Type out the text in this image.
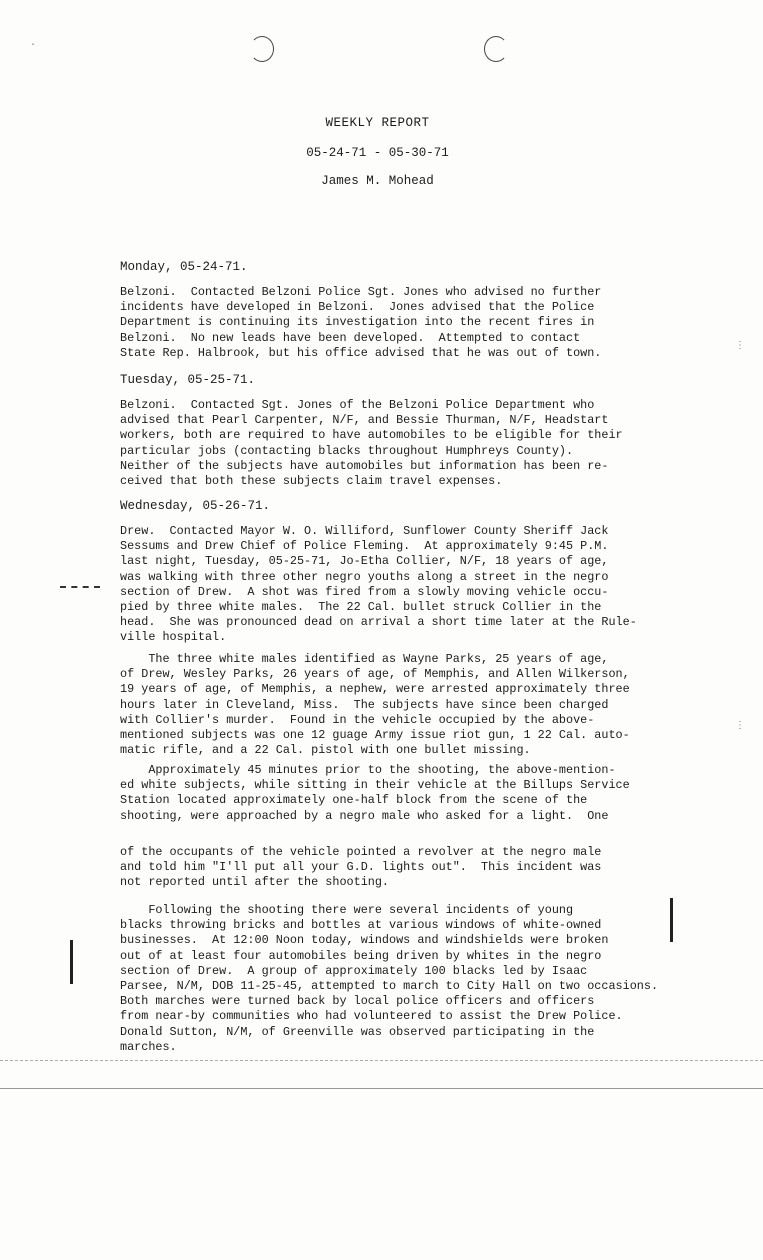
⋮
⋮
·
WEEKLY REPORT
05-24-71 - 05-30-71
James M. Mohead
Monday, 05-24-71.

Belzoni.  Contacted Belzoni Police Sgt. Jones who advised no further
incidents have developed in Belzoni.  Jones advised that the Police
Department is continuing its investigation into the recent fires in
Belzoni.  No new leads have been developed.  Attempted to contact
State Rep. Halbrook, but his office advised that he was out of town.

Tuesday, 05-25-71.

Belzoni.  Contacted Sgt. Jones of the Belzoni Police Department who
advised that Pearl Carpenter, N/F, and Bessie Thurman, N/F, Headstart
workers, both are required to have automobiles to be eligible for their
particular jobs (contacting blacks throughout Humphreys County).
Neither of the subjects have automobiles but information has been re-
ceived that both these subjects claim travel expenses.

Wednesday, 05-26-71.

Drew.  Contacted Mayor W. O. Williford, Sunflower County Sheriff Jack
Sessums and Drew Chief of Police Fleming.  At approximately 9:45 P.M.
last night, Tuesday, 05-25-71, Jo-Etha Collier, N/F, 18 years of age,
was walking with three other negro youths along a street in the negro
section of Drew.  A shot was fired from a slowly moving vehicle occu-
pied by three white males.  The 22 Cal. bullet struck Collier in the
head.  She was pronounced dead on arrival a short time later at the Rule-
ville hospital.

The three white males identified as Wayne Parks, 25 years of age,
of Drew, Wesley Parks, 26 years of age, of Memphis, and Allen Wilkerson,
19 years of age, of Memphis, a nephew, were arrested approximately three
hours later in Cleveland, Miss.  The subjects have since been charged
with Collier's murder.  Found in the vehicle occupied by the above-
mentioned subjects was one 12 guage Army issue riot gun, 1 22 Cal. auto-
matic rifle, and a 22 Cal. pistol with one bullet missing.

Approximately 45 minutes prior to the shooting, the above-mention-
ed white subjects, while sitting in their vehicle at the Billups Service
Station located approximately one-half block from the scene of the
shooting, were approached by a negro male who asked for a light.  One

of the occupants of the vehicle pointed a revolver at the negro male
and told him "I'll put all your G.D. lights out".  This incident was
not reported until after the shooting.

Following the shooting there were several incidents of young
blacks throwing bricks and bottles at various windows of white-owned
businesses.  At 12:00 Noon today, windows and windshields were broken
out of at least four automobiles being driven by whites in the negro
section of Drew.  A group of approximately 100 blacks led by Isaac
Parsee, N/M, DOB 11-25-45, attempted to march to City Hall on two occasions.
Both marches were turned back by local police officers and officers
from near-by communities who had volunteered to assist the Drew Police.
Donald Sutton, N/M, of Greenville was observed participating in the
marches.
